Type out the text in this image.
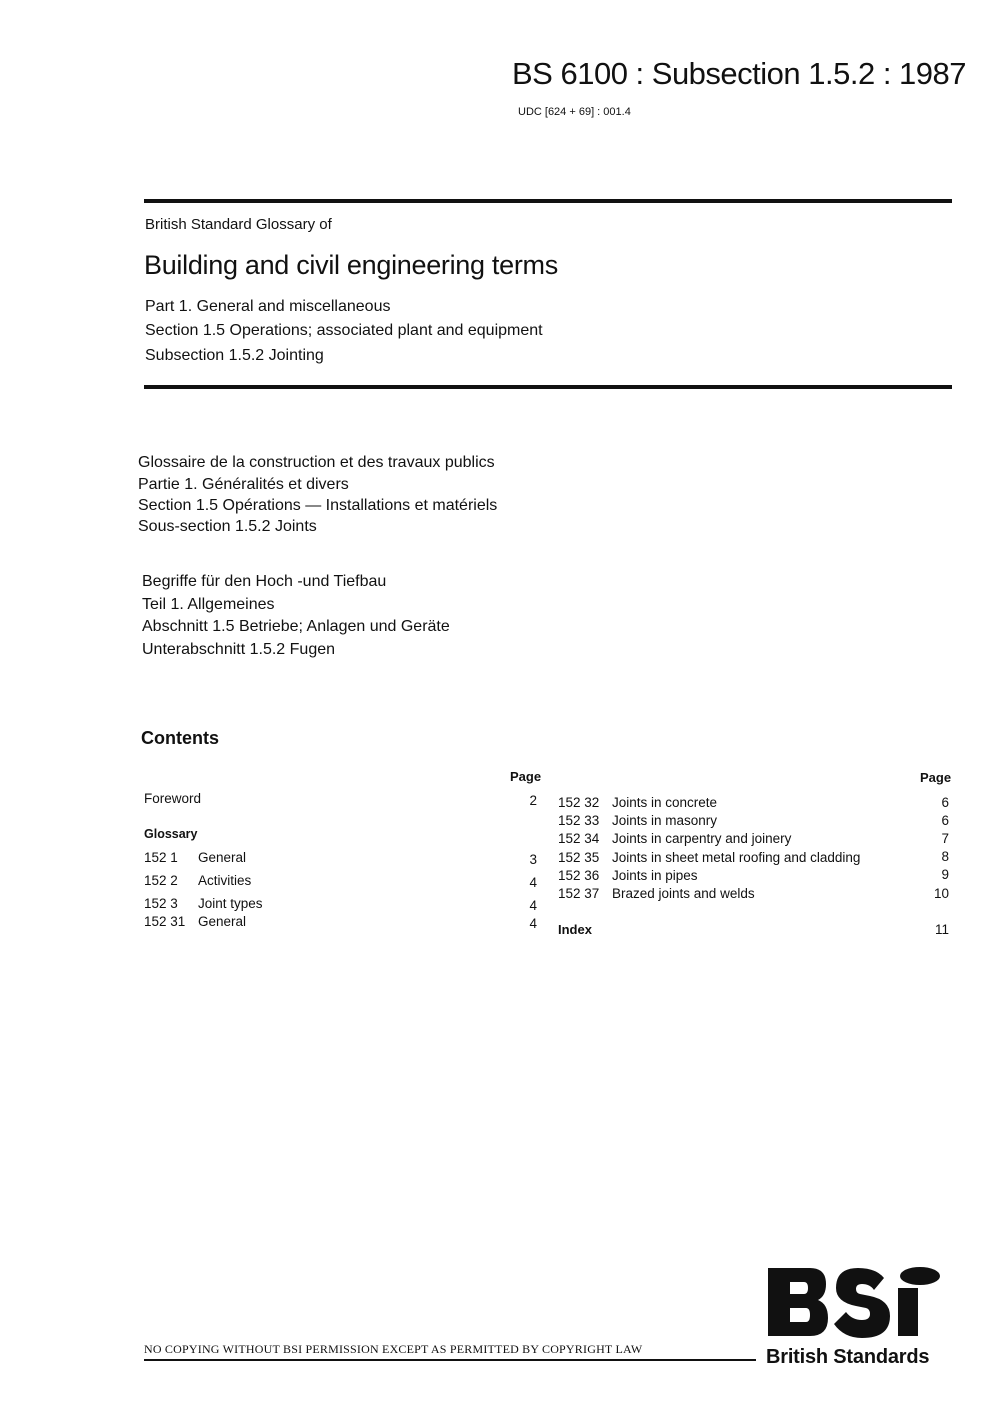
BS 6100 : Subsection 1.5.2 : 1987
UDC [624 + 69] : 001.4
British Standard Glossary of
Building and civil engineering terms
Part 1. General and miscellaneous
Section 1.5 Operations; associated plant and equipment
Subsection 1.5.2 Jointing
Glossaire de la construction et des travaux publics
Partie 1. Généralités et divers
Section 1.5 Opérations — Installations et matériels
Sous-section 1.5.2 Joints
Begriffe für den Hoch -und Tiefbau
Teil 1. Allgemeines
Abschnitt 1.5 Betriebe; Anlagen und Geräte
Unterabschnitt 1.5.2 Fugen
Contents
Page	Page
Foreword	2
Glossary
152 1 General	3
152 2 Activities	4
152 3 Joint types	4
152 31 General	4
152 32 Joints in concrete	6
152 33 Joints in masonry	6
152 34 Joints in carpentry and joinery	7
152 35 Joints in sheet metal roofing and cladding	8
152 36 Joints in pipes	9
152 37 Brazed joints and welds	10
Index	11
NO COPYING WITHOUT BSI PERMISSION EXCEPT AS PERMITTED BY COPYRIGHT LAW
BSi
British Standards
